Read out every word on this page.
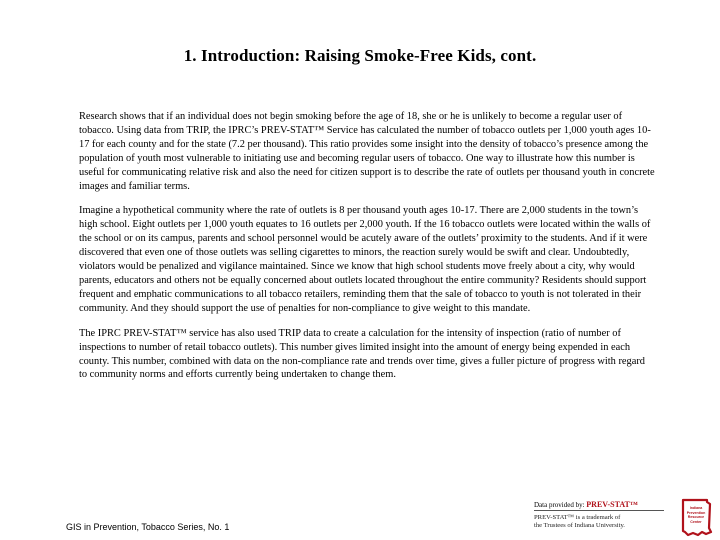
1. Introduction: Raising Smoke-Free Kids, cont.

Research shows that if an individual does not begin smoking before the age of 18, she or he is unlikely to become a regular user of tobacco. Using data from TRIP, the IPRC’s PREV-STAT™ Service has calculated the number of tobacco outlets per 1,000 youth ages 10-17 for each county and for the state (7.2 per thousand). This ratio provides some insight into the density of tobacco’s presence among the population of youth most vulnerable to initiating use and becoming regular users of tobacco. One way to illustrate how this number is useful for communicating relative risk and also the need for citizen support is to describe the rate of outlets per thousand youth in concrete images and familiar terms.

Imagine a hypothetical community where the rate of outlets is 8 per thousand youth ages 10-17. There are 2,000 students in the town’s high school. Eight outlets per 1,000 youth equates to 16 outlets per 2,000 youth. If the 16 tobacco outlets were located within the walls of the school or on its campus, parents and school personnel would be acutely aware of the outlets’ proximity to the students. And if it were discovered that even one of those outlets was selling cigarettes to minors, the reaction surely would be swift and clear. Undoubtedly, violators would be penalized and vigilance maintained. Since we know that high school students move freely about a city, why would parents, educators and others not be equally concerned about outlets located throughout the entire community? Residents should support frequent and emphatic communications to all tobacco retailers, reminding them that the sale of tobacco to youth is not tolerated in their community. And they should support the use of penalties for non-compliance to give weight to this mandate.

The IPRC PREV-STAT™ service has also used TRIP data to create a calculation for the intensity of inspection (ratio of number of inspections to number of retail tobacco outlets). This number gives limited insight into the amount of energy being expended in each county. This number, combined with data on the non-compliance rate and trends over time, gives a fuller picture of progress with regard to community norms and efforts currently being undertaken to change them.

GIS in Prevention, Tobacco Series, No. 1
Data provided by: PREV-STAT™
PREV-STAT™ is a trademark of
the Trustees of Indiana University.
Indiana Prevention Resource Center
